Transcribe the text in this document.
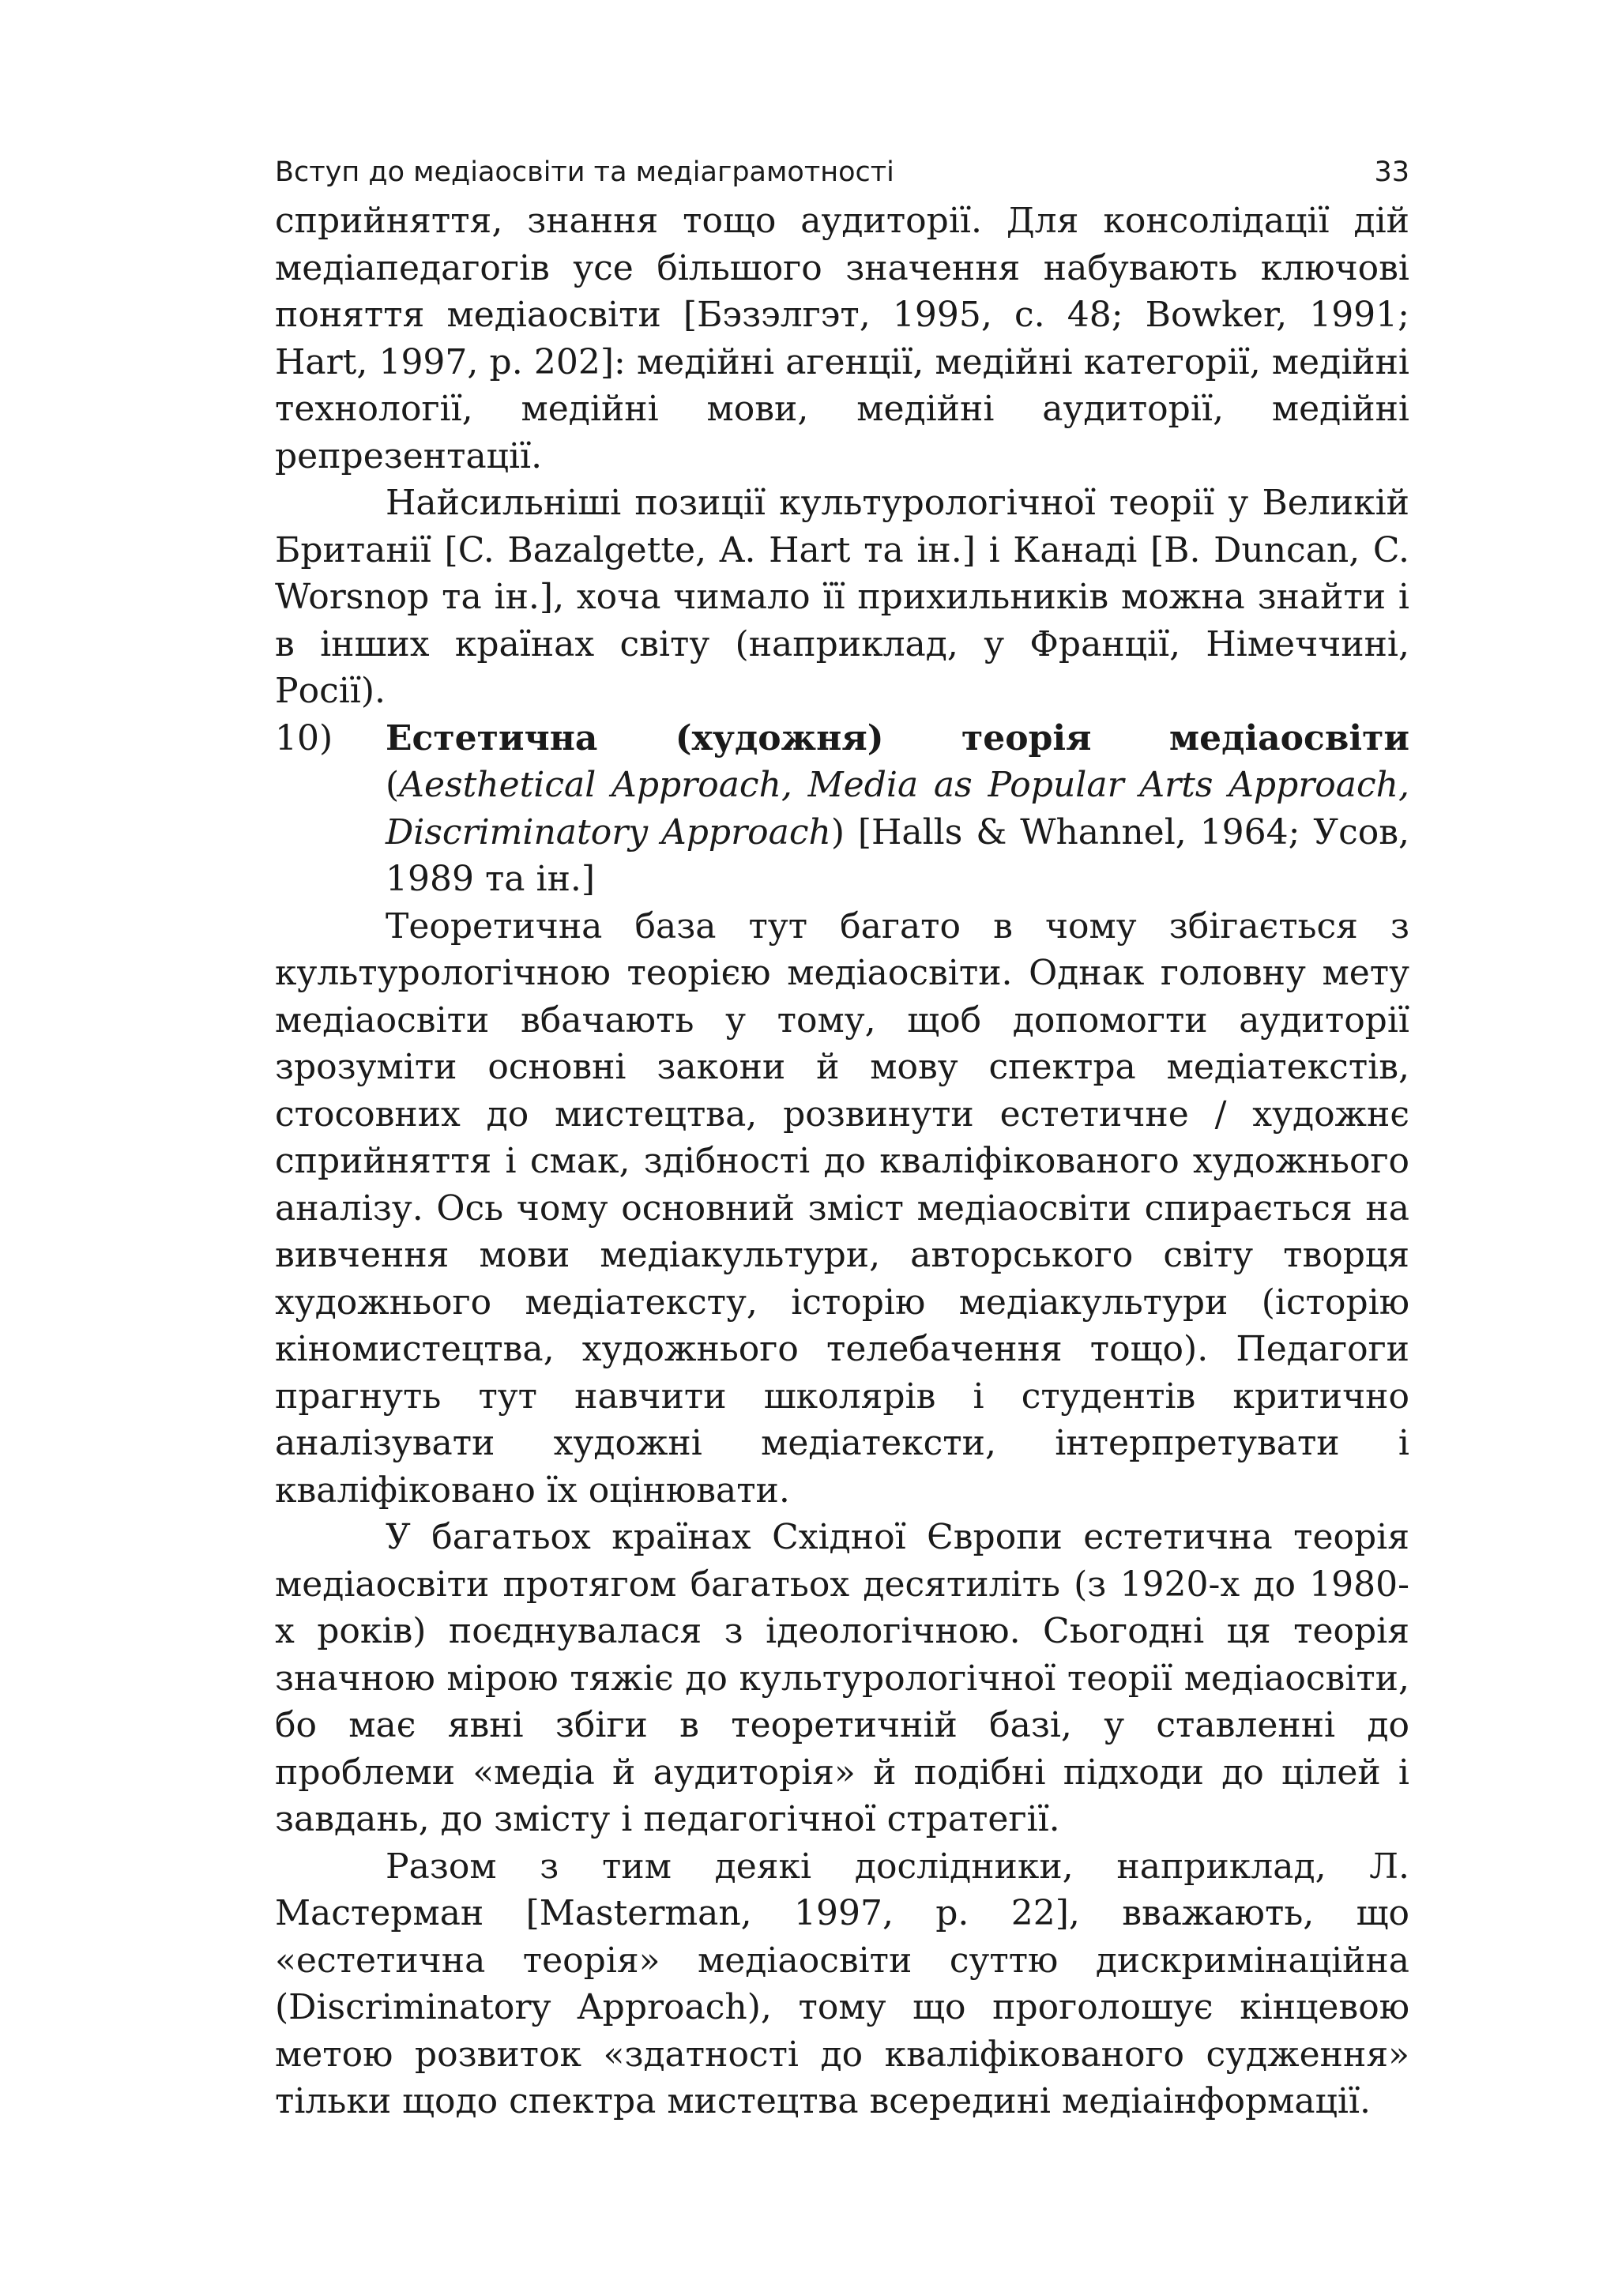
Вступ до медіаосвіти та медіаграмотності	33

сприйняття, знання тощо аудиторії. Для консолідації дій медіапедагогів усе більшого значення набувають ключові поняття медіаосвіти [Бэзэлгэт, 1995, с. 48; Bowker, 1991; Hart, 1997, р. 202]: медійні агенції, медійні категорії, медійні технології, медійні мови, медійні аудиторії, медійні репрезентації.

Найсильніші позиції культурологічної теорії у Великій Британії [C. Bazalgette, A. Hart та ін.] і Канаді [B. Duncan, C. Worsnop та ін.], хоча чимало її прихильників можна знайти і в інших країнах світу (наприклад, у Франції, Німеччині, Росії).

10) Естетична (художня) теорія медіаосвіти (Aesthetical Approach, Media as Popular Arts Approach, Discriminatory Approach) [Halls & Whannel, 1964; Усов, 1989 та ін.]

Теоретична база тут багато в чому збігається з культурологічною теорією медіаосвіти. Однак головну мету медіаосвіти вбачають у тому, щоб допомогти аудиторії зрозуміти основні закони й мову спектра медіатекстів, стосовних до мистецтва, розвинути естетичне / художнє сприйняття і смак, здібності до кваліфікованого художнього аналізу. Ось чому основний зміст медіаосвіти спирається на вивчення мови медіакультури, авторського світу творця художнього медіатексту, історію медіакультури (історію кіномистецтва, художнього телебачення тощо). Педагоги прагнуть тут навчити школярів і студентів критично аналізувати художні медіатексти, інтерпретувати і кваліфіковано їх оцінювати.

У багатьох країнах Східної Європи естетична теорія медіаосвіти протягом багатьох десятиліть (з 1920-х до 1980-х років) поєднувалася з ідеологічною. Сьогодні ця теорія значною мірою тяжіє до культурологічної теорії медіаосвіти, бо має явні збіги в теоретичній базі, у ставленні до проблеми «медіа й аудиторія» й подібні підходи до цілей і завдань, до змісту і педагогічної стратегії.

Разом з тим деякі дослідники, наприклад, Л. Мастерман [Masterman, 1997, p. 22], вважають, що «естетична теорія» медіаосвіти суттю дискримінаційна (Discriminatory Approach), тому що проголошує кінцевою метою розвиток «здатності до кваліфікованого судження» тільки щодо спектра мистецтва всередині медіаінформації.
